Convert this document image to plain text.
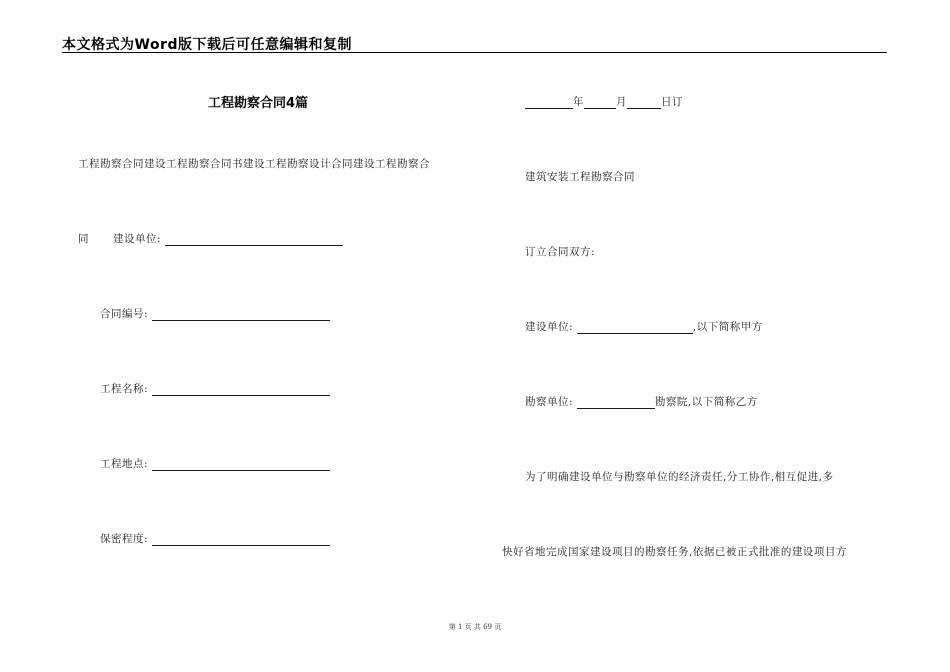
本文格式为Word版下载后可任意编辑和复制
工程勘察合同4篇
工程勘察合同建设工程勘察合同书建设工程勘察设计合同建设工程勘察合
同 建设单位:
合同编号:
工程名称:
工程地点:
保密程度:
年	月	日订
建筑安装工程勘察合同
订立合同双方:
建设单位:	,以下简称甲方
勘察单位:	勘察院,以下简称乙方
为了明确建设单位与勘察单位的经济责任,分工协作,相互促进,多
快好省地完成国家建设项目的勘察任务,依据已被正式批准的建设项目方
第 1 页 共 69 页
